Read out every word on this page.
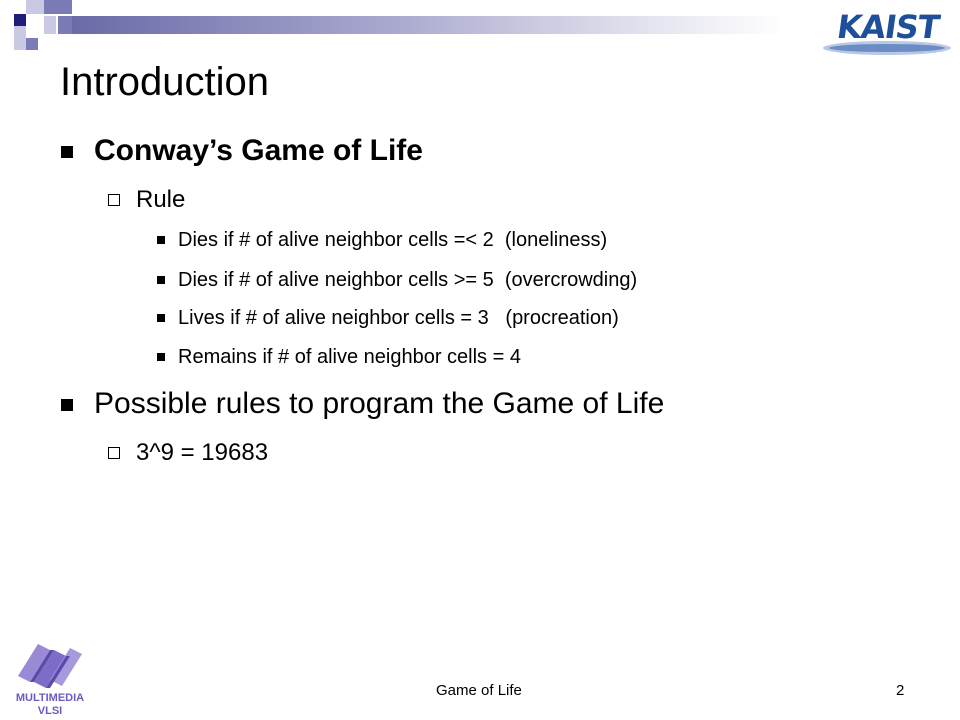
KAIST
Introduction
Conway’s Game of Life
Rule
Dies if # of alive neighbor cells =< 2  (loneliness)
Dies if # of alive neighbor cells >= 5  (overcrowding)
Lives if # of alive neighbor cells = 3   (procreation)
Remains if # of alive neighbor cells = 4
Possible rules to program the Game of Life
3^9 = 19683
MULTIMEDIA
VLSI
Game of Life	2
